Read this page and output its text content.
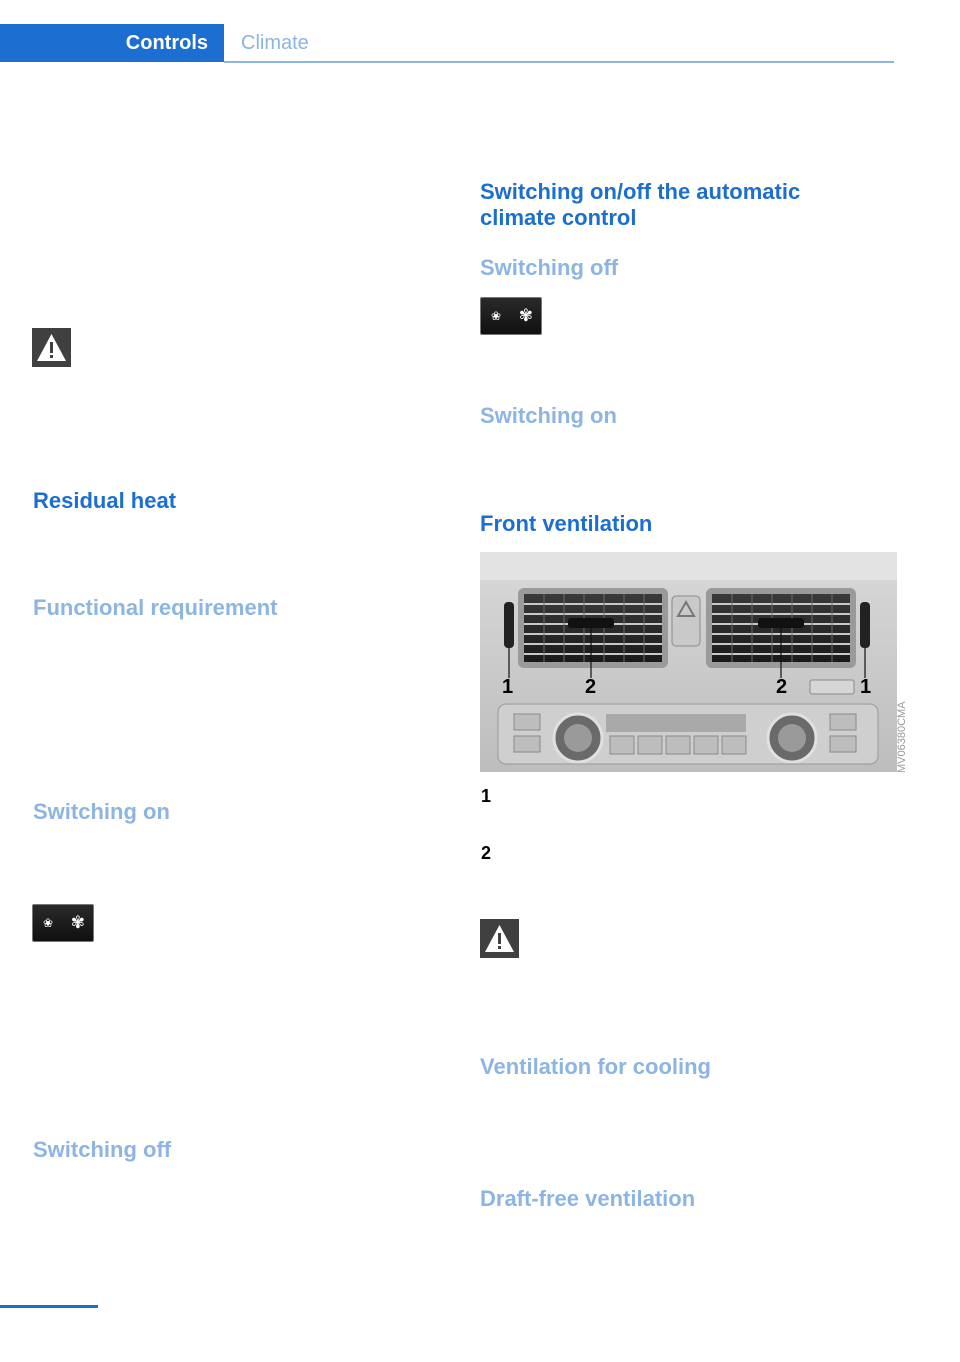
Controls	Climate
Residual heat
Functional requirement
Switching on
❀ ✾
Switching off
Switching on/off the automatic
climate control
Switching off
❀ ✾
Switching on
Front ventilation
1	2	2	1
MV06380CMA
1
2
Ventilation for cooling
Draft-free ventilation
